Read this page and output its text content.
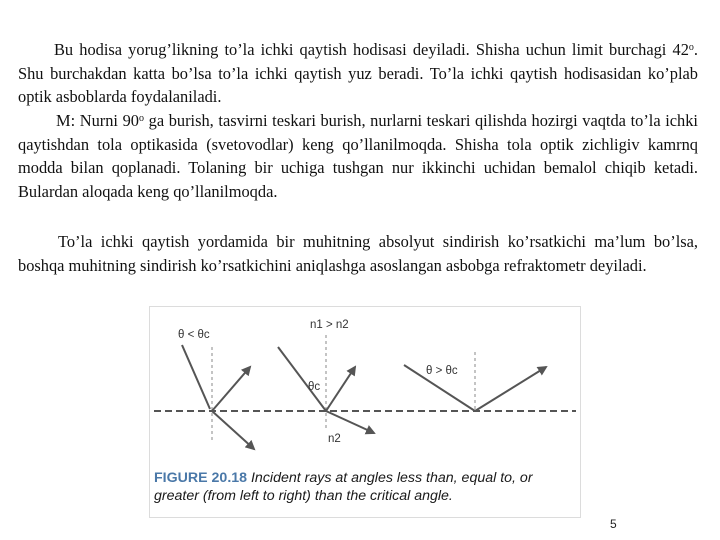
Bu hodisa yorug’likning to’la ichki qaytish hodisasi deyiladi. Shisha uchun limit burchagi 42$^o$. Shu burchakdan katta bo’lsa to’la ichki qaytish yuz beradi. To’la ichki qaytish hodisasidan ko’plab optik asboblarda foydalaniladi.

M: Nurni 90$^o$ ga burish, tasvirni teskari burish, nurlarni teskari qilishda hozirgi vaqtda to’la ichki qaytishdan tola optikasida (svetovodlar) keng qo’llanilmoqda. Shisha tola optik zichligiv kamrnq modda bilan qoplanadi. Tolaning bir uchiga tushgan nur ikkinchi uchidan bemalol chiqib ketadi. Bulardan aloqada keng qo’llanilmoqda.

To’la ichki qaytish yordamida bir muhitning absolyut sindirish ko’rsatkichi ma’lum bo’lsa, boshqa muhitning sindirish ko’rsatkichini aniqlashga asoslangan asbobga refraktometr deyiladi.

θ < θc
n1 > n2
θc
θ > θc
n2
FIGURE 20.18 Incident rays at angles less than, equal to, or greater (from left to right) than the critical angle.
5
